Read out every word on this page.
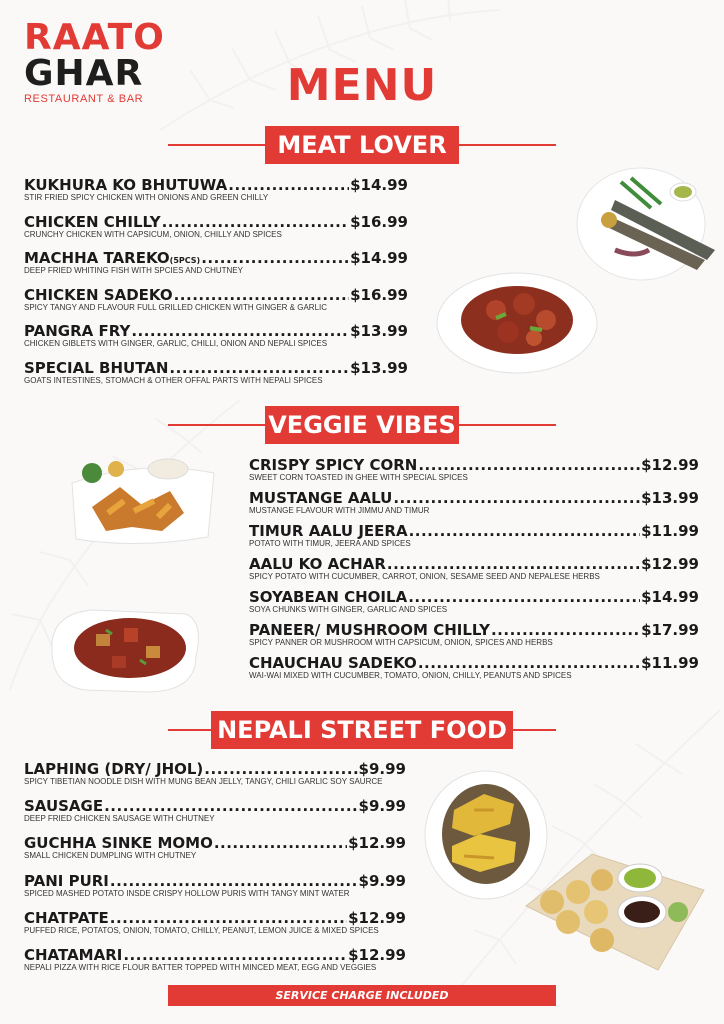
RAATO
GHAR
RESTAURANT & BAR	MENU
MEAT LOVER
KUKHURA KO BHUTUWA .....	$14.99
STIR FRIED SPICY CHICKEN WITH ONIONS AND GREEN CHILLY
CHICKEN CHILLY .....	$16.99
CRUNCHY CHICKEN WITH CAPSICUM, ONION, CHILLY AND SPICES
MACHHA TAREKO (5PCS) .....	$14.99
DEEP FRIED WHITING FISH WITH SPCIES AND CHUTNEY
CHICKEN SADEKO .....	$16.99
SPICY TANGY AND FLAVOUR FULL GRILLED CHICKEN WITH GINGER & GARLIC
PANGRA FRY .....	$13.99
CHICKEN GIBLETS WITH GINGER, GARLIC, CHILLI, ONION AND NEPALI SPICES
SPECIAL BHUTAN .....	$13.99
GOATS INTESTINES, STOMACH & OTHER OFFAL PARTS WITH NEPALI SPICES
VEGGIE VIBES
CRISPY SPICY CORN .....	$12.99
SWEET CORN TOASTED IN GHEE WITH SPECIAL SPICES
MUSTANGE AALU .....	$13.99
MUSTANGE FLAVOUR WITH JIMMU AND TIMUR
TIMUR AALU JEERA .....	$11.99
POTATO WITH TIMUR, JEERA AND SPICES
AALU KO ACHAR .....	$12.99
SPICY POTATO WITH CUCUMBER, CARROT, ONION, SESAME SEED AND NEPALESE HERBS
SOYABEAN CHOILA .....	$14.99
SOYA CHUNKS WITH GINGER, GARLIC AND SPICES
PANEER/ MUSHROOM CHILLY .....	$17.99
SPICY PANNER OR MUSHROOM WITH CAPSICUM, ONION, SPICES AND HERBS
CHAUCHAU SADEKO .....	$11.99
WAI-WAI MIXED WITH CUCUMBER, TOMATO, ONION, CHILLY, PEANUTS AND SPICES
NEPALI STREET FOOD
LAPHING (DRY/ JHOL) .....	$9.99
SPICY TIBETIAN NOODLE DISH WITH MUNG BEAN JELLY, TANGY, CHILI GARLIC SOY SAURCE
SAUSAGE .....	$9.99
DEEP FRIED CHICKEN SAUSAGE WITH CHUTNEY
GUCHHA SINKE MOMO .....	$12.99
SMALL CHICKEN DUMPLING WITH CHUTNEY
PANI PURI .....	$9.99
SPICED MASHED POTATO INSDE CRISPY HOLLOW PURIS WITH TANGY MINT WATER
CHATPATE .....	$12.99
PUFFED RICE, POTATOS, ONION, TOMATO, CHILLY, PEANUT, LEMON JUICE & MIXED SPICES
CHATAMARI .....	$12.99
NEPALI PIZZA WITH RICE FLOUR BATTER TOPPED WITH MINCED MEAT, EGG AND VEGGIES
SERVICE CHARGE INCLUDED
